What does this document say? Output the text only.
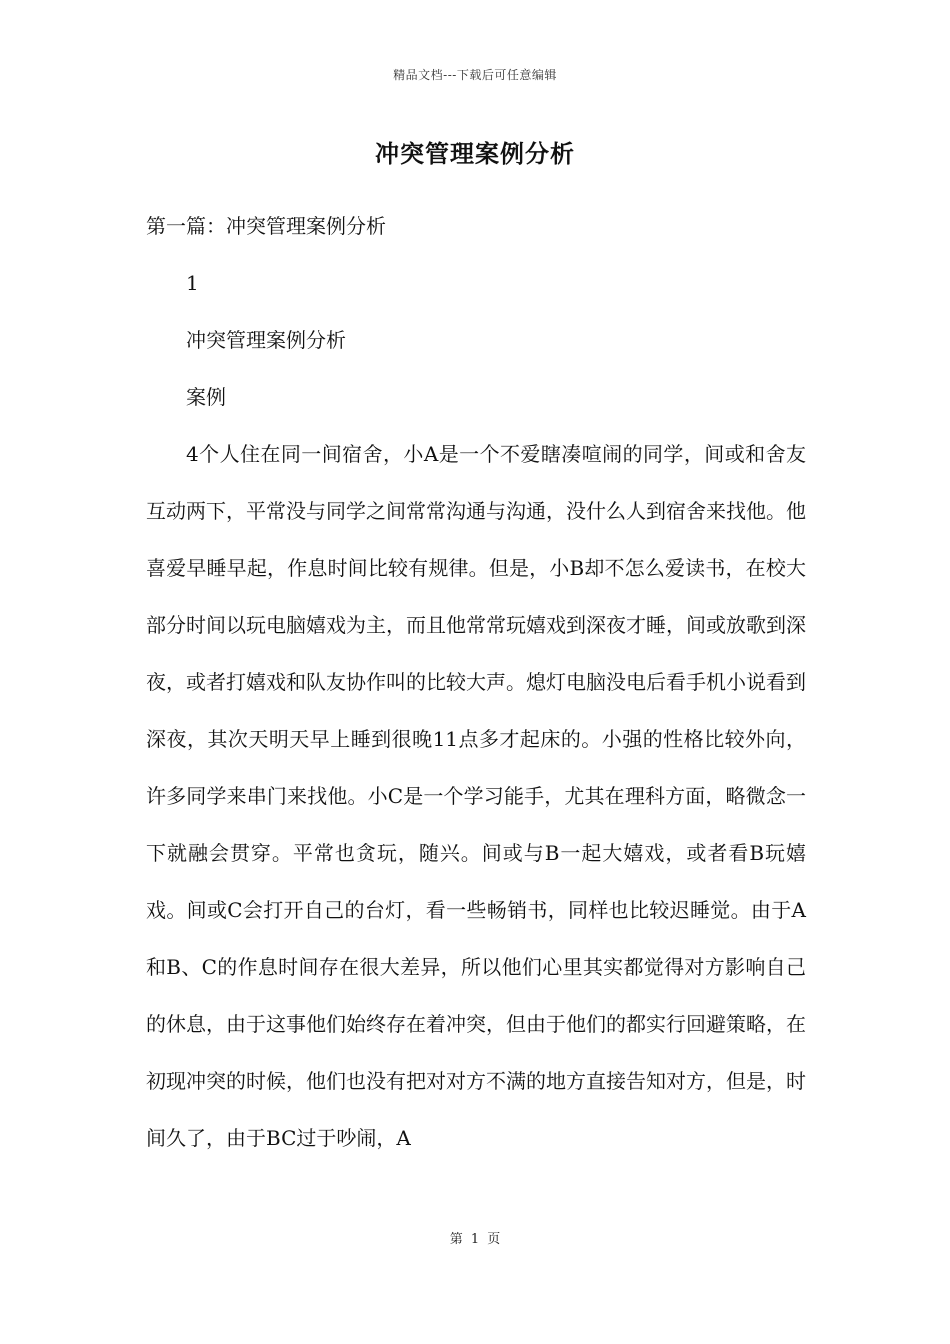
精品文档---下载后可任意编辑
冲突管理案例分析

第一篇：冲突管理案例分析

1

冲突管理案例分析

案例

4个人住在同一间宿舍，小A是一个不爱瞎凑喧闹的同学，间或和舍友互动两下，平常没与同学之间常常沟通与沟通，没什么人到宿舍来找他。他喜爱早睡早起，作息时间比较有规律。但是，小B却不怎么爱读书，在校大部分时间以玩电脑嬉戏为主，而且他常常玩嬉戏到深夜才睡，间或放歌到深夜，或者打嬉戏和队友协作叫的比较大声。熄灯电脑没电后看手机小说看到深夜，其次天明天早上睡到很晚11点多才起床的。小强的性格比较外向，许多同学来串门来找他。小C是一个学习能手，尤其在理科方面，略微念一下就融会贯穿。平常也贪玩，随兴。间或与B一起大嬉戏，或者看B玩嬉戏。间或C会打开自己的台灯，看一些畅销书，同样也比较迟睡觉。由于A和B、C的作息时间存在很大差异，所以他们心里其实都觉得对方影响自己的休息，由于这事他们始终存在着冲突，但由于他们的都实行回避策略，在初现冲突的时候，他们也没有把对对方不满的地方直接告知对方，但是，时间久了，由于BC过于吵闹，A

第 1 页
